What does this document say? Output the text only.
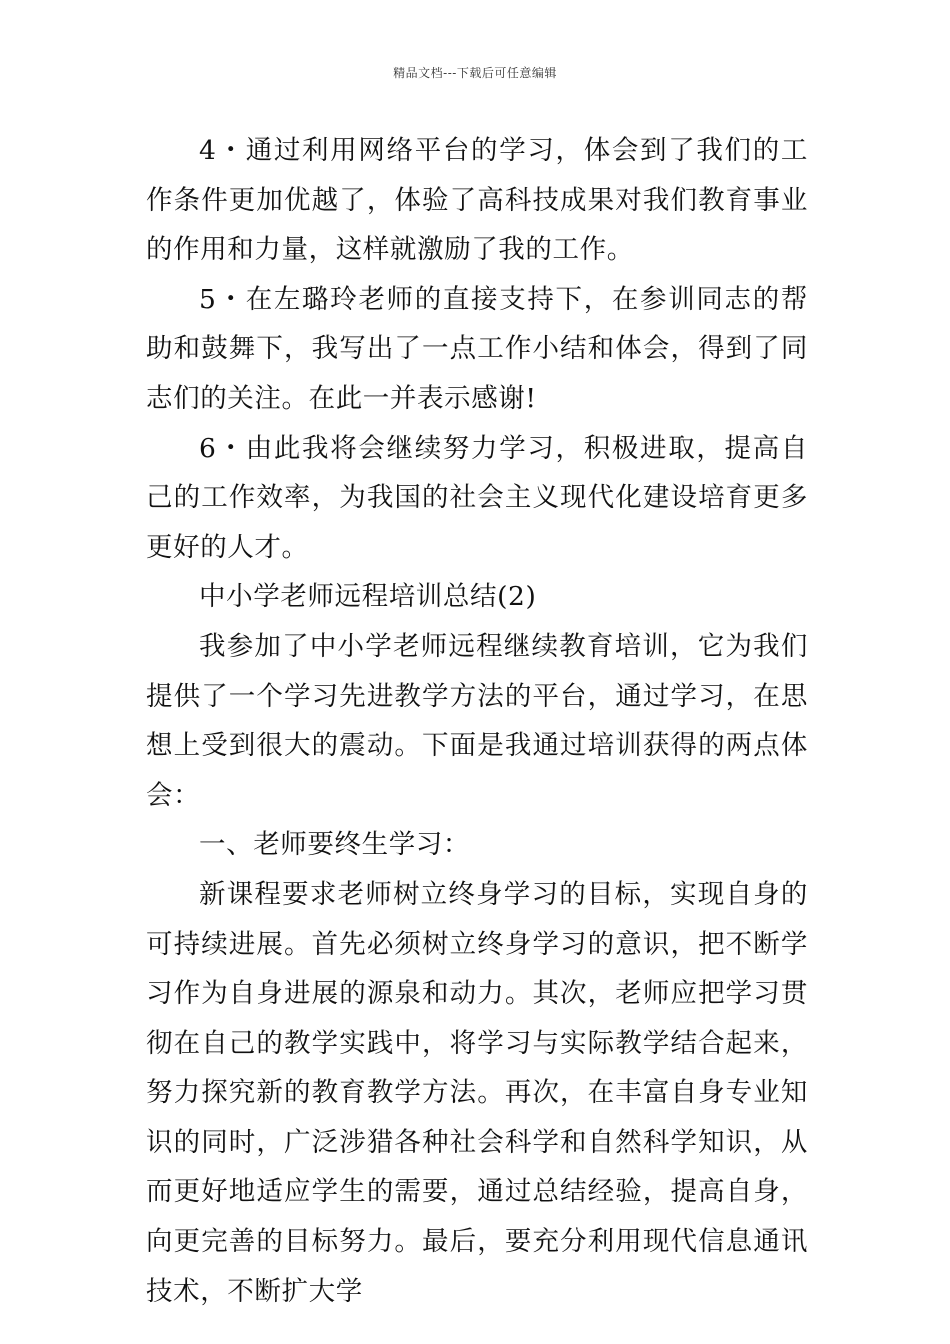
精品文档---下载后可任意编辑

4・通过利用网络平台的学习，体会到了我们的工作条件更加优越了，体验了高科技成果对我们教育事业的作用和力量，这样就激励了我的工作。

5・在左璐玲老师的直接支持下，在参训同志的帮助和鼓舞下，我写出了一点工作小结和体会，得到了同志们的关注。在此一并表示感谢!

6・由此我将会继续努力学习，积极进取，提高自己的工作效率，为我国的社会主义现代化建设培育更多更好的人才。

中小学老师远程培训总结(2)

我参加了中小学老师远程继续教育培训，它为我们提供了一个学习先进教学方法的平台，通过学习，在思想上受到很大的震动。下面是我通过培训获得的两点体会：

一、老师要终生学习：

新课程要求老师树立终身学习的目标，实现自身的可持续进展。首先必须树立终身学习的意识，把不断学习作为自身进展的源泉和动力。其次，老师应把学习贯彻在自己的教学实践中，将学习与实际教学结合起来，努力探究新的教育教学方法。再次，在丰富自身专业知识的同时，广泛涉猎各种社会科学和自然科学知识，从而更好地适应学生的需要，通过总结经验，提高自身，向更完善的目标努力。最后，要充分利用现代信息通讯技术，不断扩大学
